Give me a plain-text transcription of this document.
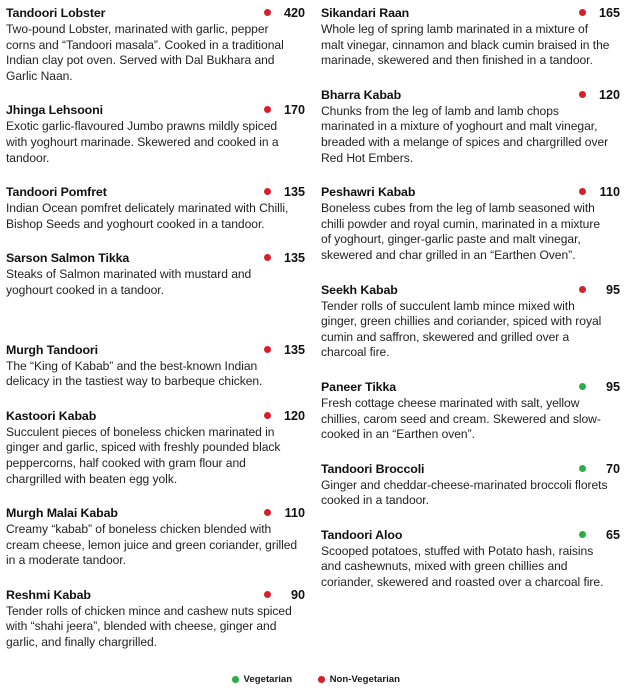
Tandoori Lobster	420
Two-pound Lobster, marinated with garlic, pepper corns and “Tandoori masala”. Cooked in a traditional Indian clay pot oven. Served with Dal Bukhara and Garlic Naan.
Jhinga Lehsooni	170
Exotic garlic-flavoured Jumbo prawns mildly spiced with yoghourt marinade. Skewered and cooked in a tandoor.
Tandoori Pomfret	135
Indian Ocean pomfret delicately marinated with Chilli, Bishop Seeds and yoghourt cooked in a tandoor.
Sarson Salmon Tikka	135
Steaks of Salmon marinated with mustard and yoghourt cooked in a tandoor.
Murgh Tandoori	135
The “King of Kabab” and the best-known Indian delicacy in the tastiest way to barbeque chicken.
Kastoori Kabab	120
Succulent pieces of boneless chicken marinated in ginger and garlic, spiced with freshly pounded black peppercorns, half cooked with gram flour and chargrilled with beaten egg yolk.
Murgh Malai Kabab	110
Creamy “kabab” of boneless chicken blended with cream cheese, lemon juice and green coriander, grilled in a moderate tandoor.
Reshmi Kabab	90
Tender rolls of chicken mince and cashew nuts spiced with “shahi jeera”, blended with cheese, ginger and garlic, and finally chargrilled.
Sikandari Raan	165
Whole leg of spring lamb marinated in a mixture of malt vinegar, cinnamon and black cumin braised in the marinade, skewered and then finished in a tandoor.
Bharra Kabab	120
Chunks from the leg of lamb and lamb chops marinated in a mixture of yoghourt and malt vinegar, breaded with a melange of spices and chargrilled over Red Hot Embers.
Peshawri Kabab	110
Boneless cubes from the leg of lamb seasoned with chilli powder and royal cumin, marinated in a mixture of yoghourt, ginger-garlic paste and malt vinegar, skewered and char grilled in an “Earthen Oven”.
Seekh Kabab	95
Tender rolls of succulent lamb mince mixed with ginger, green chillies and coriander, spiced with royal cumin and saffron, skewered and grilled over a charcoal fire.
Paneer Tikka	95
Fresh cottage cheese marinated with salt, yellow chillies, carom seed and cream. Skewered and slow-cooked in an “Earthen oven”.
Tandoori Broccoli	70
Ginger and cheddar-cheese-marinated broccoli florets cooked in a tandoor.
Tandoori Aloo	65
Scooped potatoes, stuffed with Potato hash, raisins and cashewnuts, mixed with green chillies and coriander, skewered and roasted over a charcoal fire.
Vegetarian	Non-Vegetarian
